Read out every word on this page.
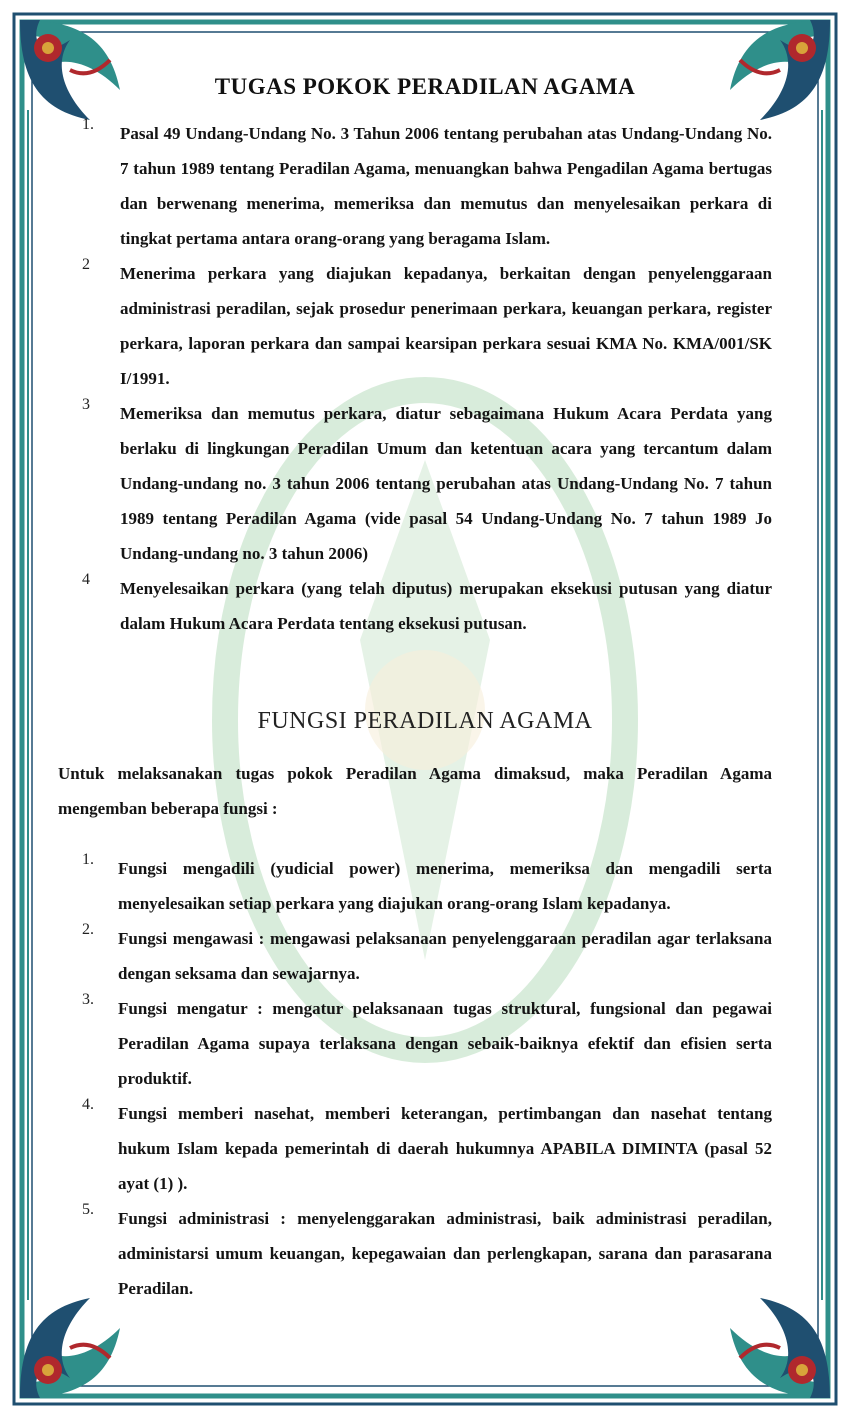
TUGAS POKOK PERADILAN AGAMA
1. Pasal 49 Undang-Undang No. 3 Tahun 2006 tentang perubahan atas Undang-Undang No. 7 tahun 1989 tentang Peradilan Agama, menuangkan bahwa Pengadilan Agama bertugas dan berwenang menerima, memeriksa dan memutus dan menyelesaikan perkara di tingkat pertama antara orang-orang yang beragama Islam.
2 Menerima perkara yang diajukan kepadanya, berkaitan dengan penyelenggaraan administrasi peradilan, sejak prosedur penerimaan perkara, keuangan perkara, register perkara, laporan perkara dan sampai kearsipan perkara sesuai KMA No. KMA/001/SK I/1991.
3 Memeriksa dan memutus perkara, diatur sebagaimana Hukum Acara Perdata yang berlaku di lingkungan Peradilan Umum dan ketentuan acara yang tercantum dalam Undang-undang no. 3 tahun 2006 tentang perubahan atas Undang-Undang No. 7 tahun 1989 tentang Peradilan Agama (vide pasal 54 Undang-Undang No. 7 tahun 1989 Jo Undang-undang no. 3 tahun 2006)
4 Menyelesaikan perkara (yang telah diputus) merupakan eksekusi putusan yang diatur dalam Hukum Acara Perdata tentang eksekusi putusan.
FUNGSI PERADILAN AGAMA
Untuk melaksanakan tugas pokok Peradilan Agama dimaksud, maka Peradilan Agama mengemban beberapa fungsi :
1. Fungsi mengadili (yudicial power) menerima, memeriksa dan mengadili serta menyelesaikan setiap perkara yang diajukan orang-orang Islam kepadanya.
2. Fungsi mengawasi : mengawasi pelaksanaan penyelenggaraan peradilan agar terlaksana dengan seksama dan sewajarnya.
3. Fungsi mengatur : mengatur pelaksanaan tugas struktural, fungsional dan pegawai Peradilan Agama supaya terlaksana dengan sebaik-baiknya efektif dan efisien serta produktif.
4. Fungsi memberi nasehat, memberi keterangan, pertimbangan dan nasehat tentang hukum Islam kepada pemerintah di daerah hukumnya APABILA DIMINTA (pasal 52 ayat (1) ).
5. Fungsi administrasi : menyelenggarakan administrasi, baik administrasi peradilan, administarsi umum keuangan, kepegawaian dan perlengkapan, sarana dan parasarana Peradilan.
